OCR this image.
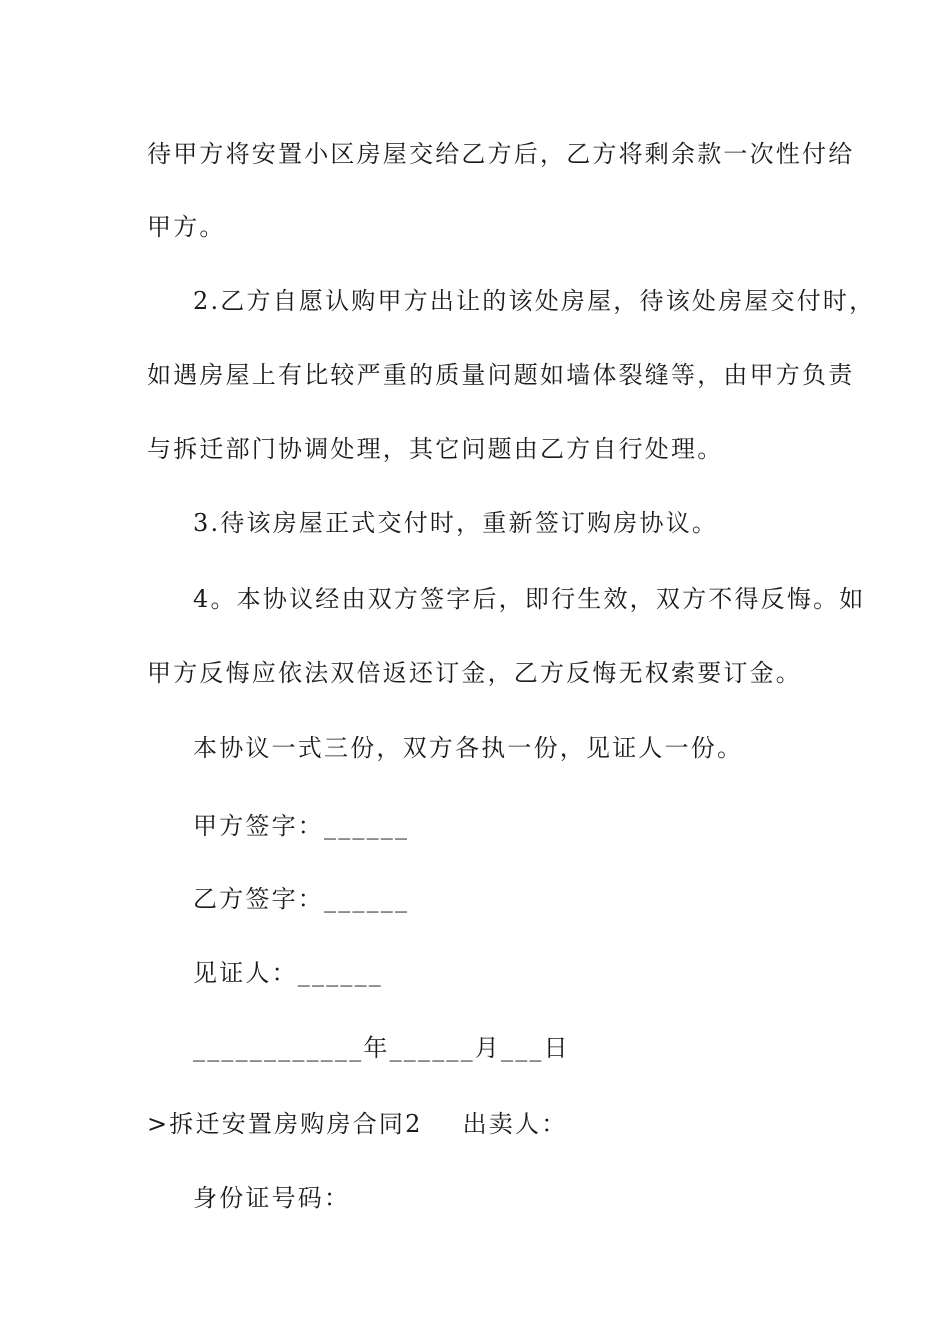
待甲方将安置小区房屋交给乙方后，乙方将剩余款一次性付给
甲方。
2.乙方自愿认购甲方出让的该处房屋，待该处房屋交付时，
如遇房屋上有比较严重的质量问题如墙体裂缝等，由甲方负责
与拆迁部门协调处理，其它问题由乙方自行处理。
3.待该房屋正式交付时，重新签订购房协议。
4。本协议经由双方签字后，即行生效，双方不得反悔。如
甲方反悔应依法双倍返还订金，乙方反悔无权索要订金。
本协议一式三份，双方各执一份，见证人一份。
甲方签字：______
乙方签字：______
见证人：______
____________年______月___日
>拆迁安置房购房合同2 出卖人：
身份证号码：
